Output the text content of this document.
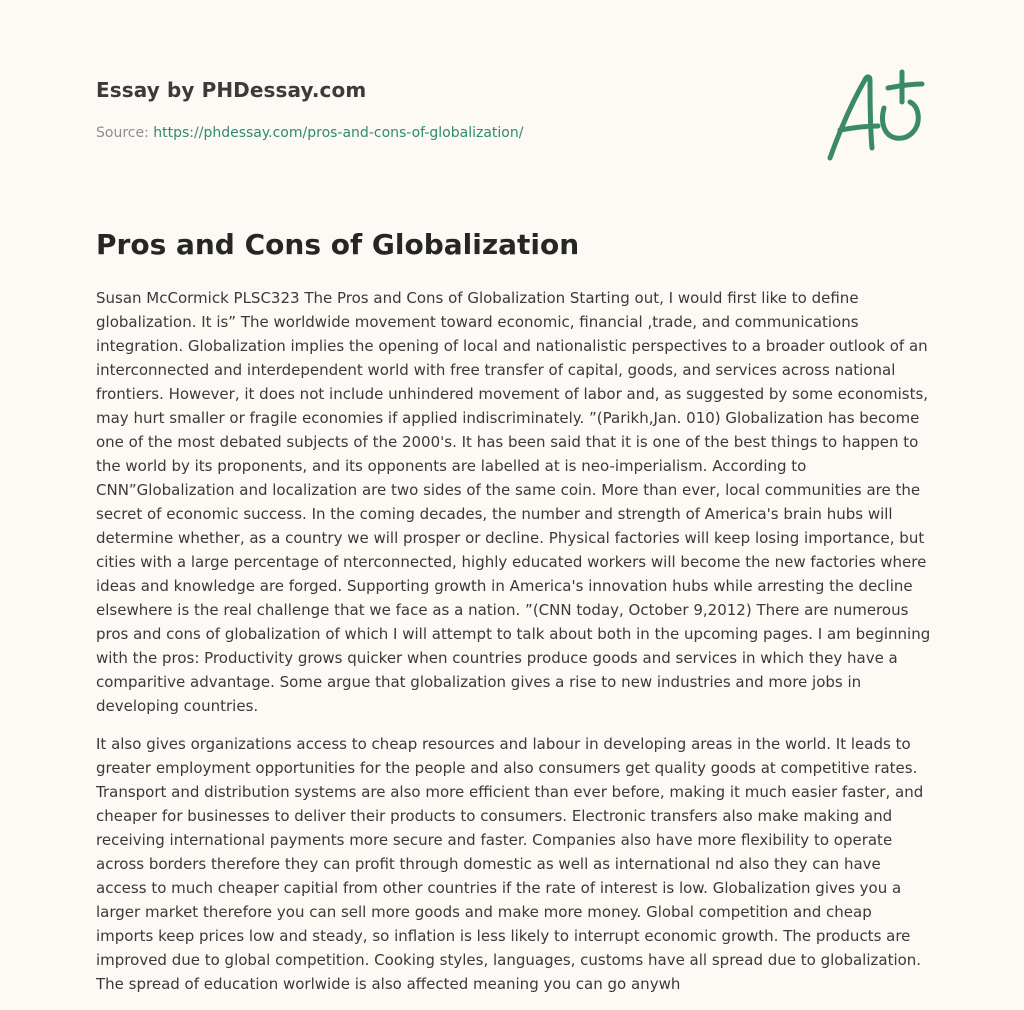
Essay by PHDessay.com
Source: https://phdessay.com/pros-and-cons-of-globalization/
Pros and Cons of Globalization

Susan McCormick PLSC323 The Pros and Cons of Globalization Starting out, I would first like to define globalization. It is” The worldwide movement toward economic, financial ,trade, and communications integration. Globalization implies the opening of local and nationalistic perspectives to a broader outlook of an interconnected and interdependent world with free transfer of capital, goods, and services across national frontiers. However, it does not include unhindered movement of labor and, as suggested by some economists, may hurt smaller or fragile economies if applied indiscriminately. ”(Parikh,Jan. 010) Globalization has become one of the most debated subjects of the 2000's. It has been said that it is one of the best things to happen to the world by its proponents, and its opponents are labelled at is neo-imperialism. According to CNN”Globalization and localization are two sides of the same coin. More than ever, local communities are the secret of economic success. In the coming decades, the number and strength of America's brain hubs will determine whether, as a country we will prosper or decline. Physical factories will keep losing importance, but cities with a large percentage of nterconnected, highly educated workers will become the new factories where ideas and knowledge are forged. Supporting growth in America's innovation hubs while arresting the decline elsewhere is the real challenge that we face as a nation. ”(CNN today, October 9,2012) There are numerous pros and cons of globalization of which I will attempt to talk about both in the upcoming pages. I am beginning with the pros: Productivity grows quicker when countries produce goods and services in which they have a comparitive advantage. Some argue that globalization gives a rise to new industries and more jobs in developing countries.

It also gives organizations access to cheap resources and labour in developing areas in the world. It leads to greater employment opportunities for the people and also consumers get quality goods at competitive rates. Transport and distribution systems are also more efficient than ever before, making it much easier faster, and cheaper for businesses to deliver their products to consumers. Electronic transfers also make making and receiving international payments more secure and faster. Companies also have more flexibility to operate across borders therefore they can profit through domestic as well as international nd also they can have access to much cheaper capitial from other countries if the rate of interest is low. Globalization gives you a larger market therefore you can sell more goods and make more money. Global competition and cheap imports keep prices low and steady, so inflation is less likely to interrupt economic growth. The products are improved due to global competition. Cooking styles, languages, customs have all spread due to globalization. The spread of education worlwide is also affected meaning you can go anywh
